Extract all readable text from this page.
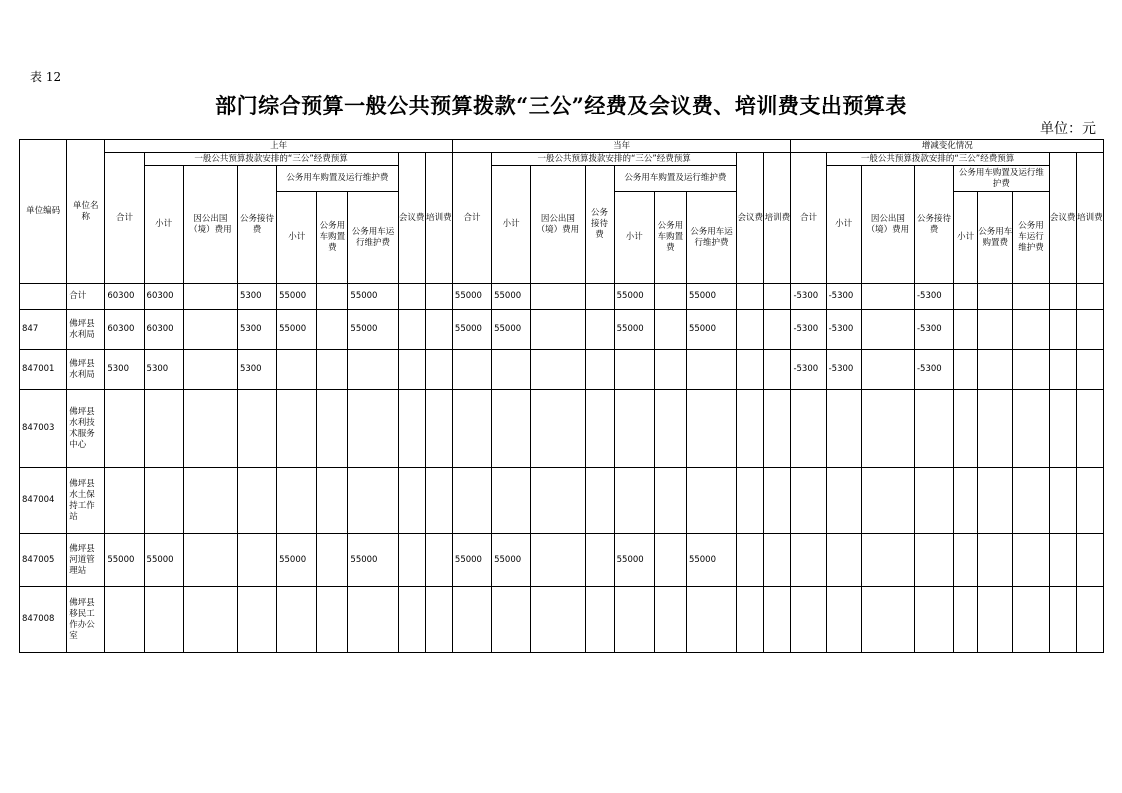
表 12
部门综合预算一般公共预算拨款“三公”经费及会议费、培训费支出预算表
单位：元
单位编码	单位名称	上年									当年									增减变化情况								
		合计	一般公共预算拨款安排的“三公”经费预算						会议费	培训费	合计	一般公共预算拨款安排的“三公”经费预算						会议费	培训费	合计	一般公共预算拨款安排的“三公”经费预算						会议费	培训费
			小计	因公出国（境）费用	公务接待费	公务用车购置及运行维护费						小计	因公出国（境）费用	公务接待费	公务用车购置及运行维护费						小计	因公出国（境）费用	公务接待费	公务用车购置及运行维护费				
						小计	公务用车购置费	公务用车运行维护费							小计	公务用车购置费	公务用车运行维护费							小计	公务用车购置费	公务用车运行维护费		

	合计	60300	60300		5300	55000		55000			55000	55000			55000		55000			-5300	-5300		-5300					
847	佛坪县水利局	60300	60300		5300	55000		55000			55000	55000			55000		55000			-5300	-5300		-5300					
847001	佛坪县水利局	5300	5300		5300															-5300	-5300		-5300					
847003	佛坪县水利技术服务中心																											
847004	佛坪县水土保持工作站																											
847005	佛坪县河道管理站	55000	55000			55000		55000			55000	55000			55000		55000											
847008	佛坪县移民工作办公室																											
